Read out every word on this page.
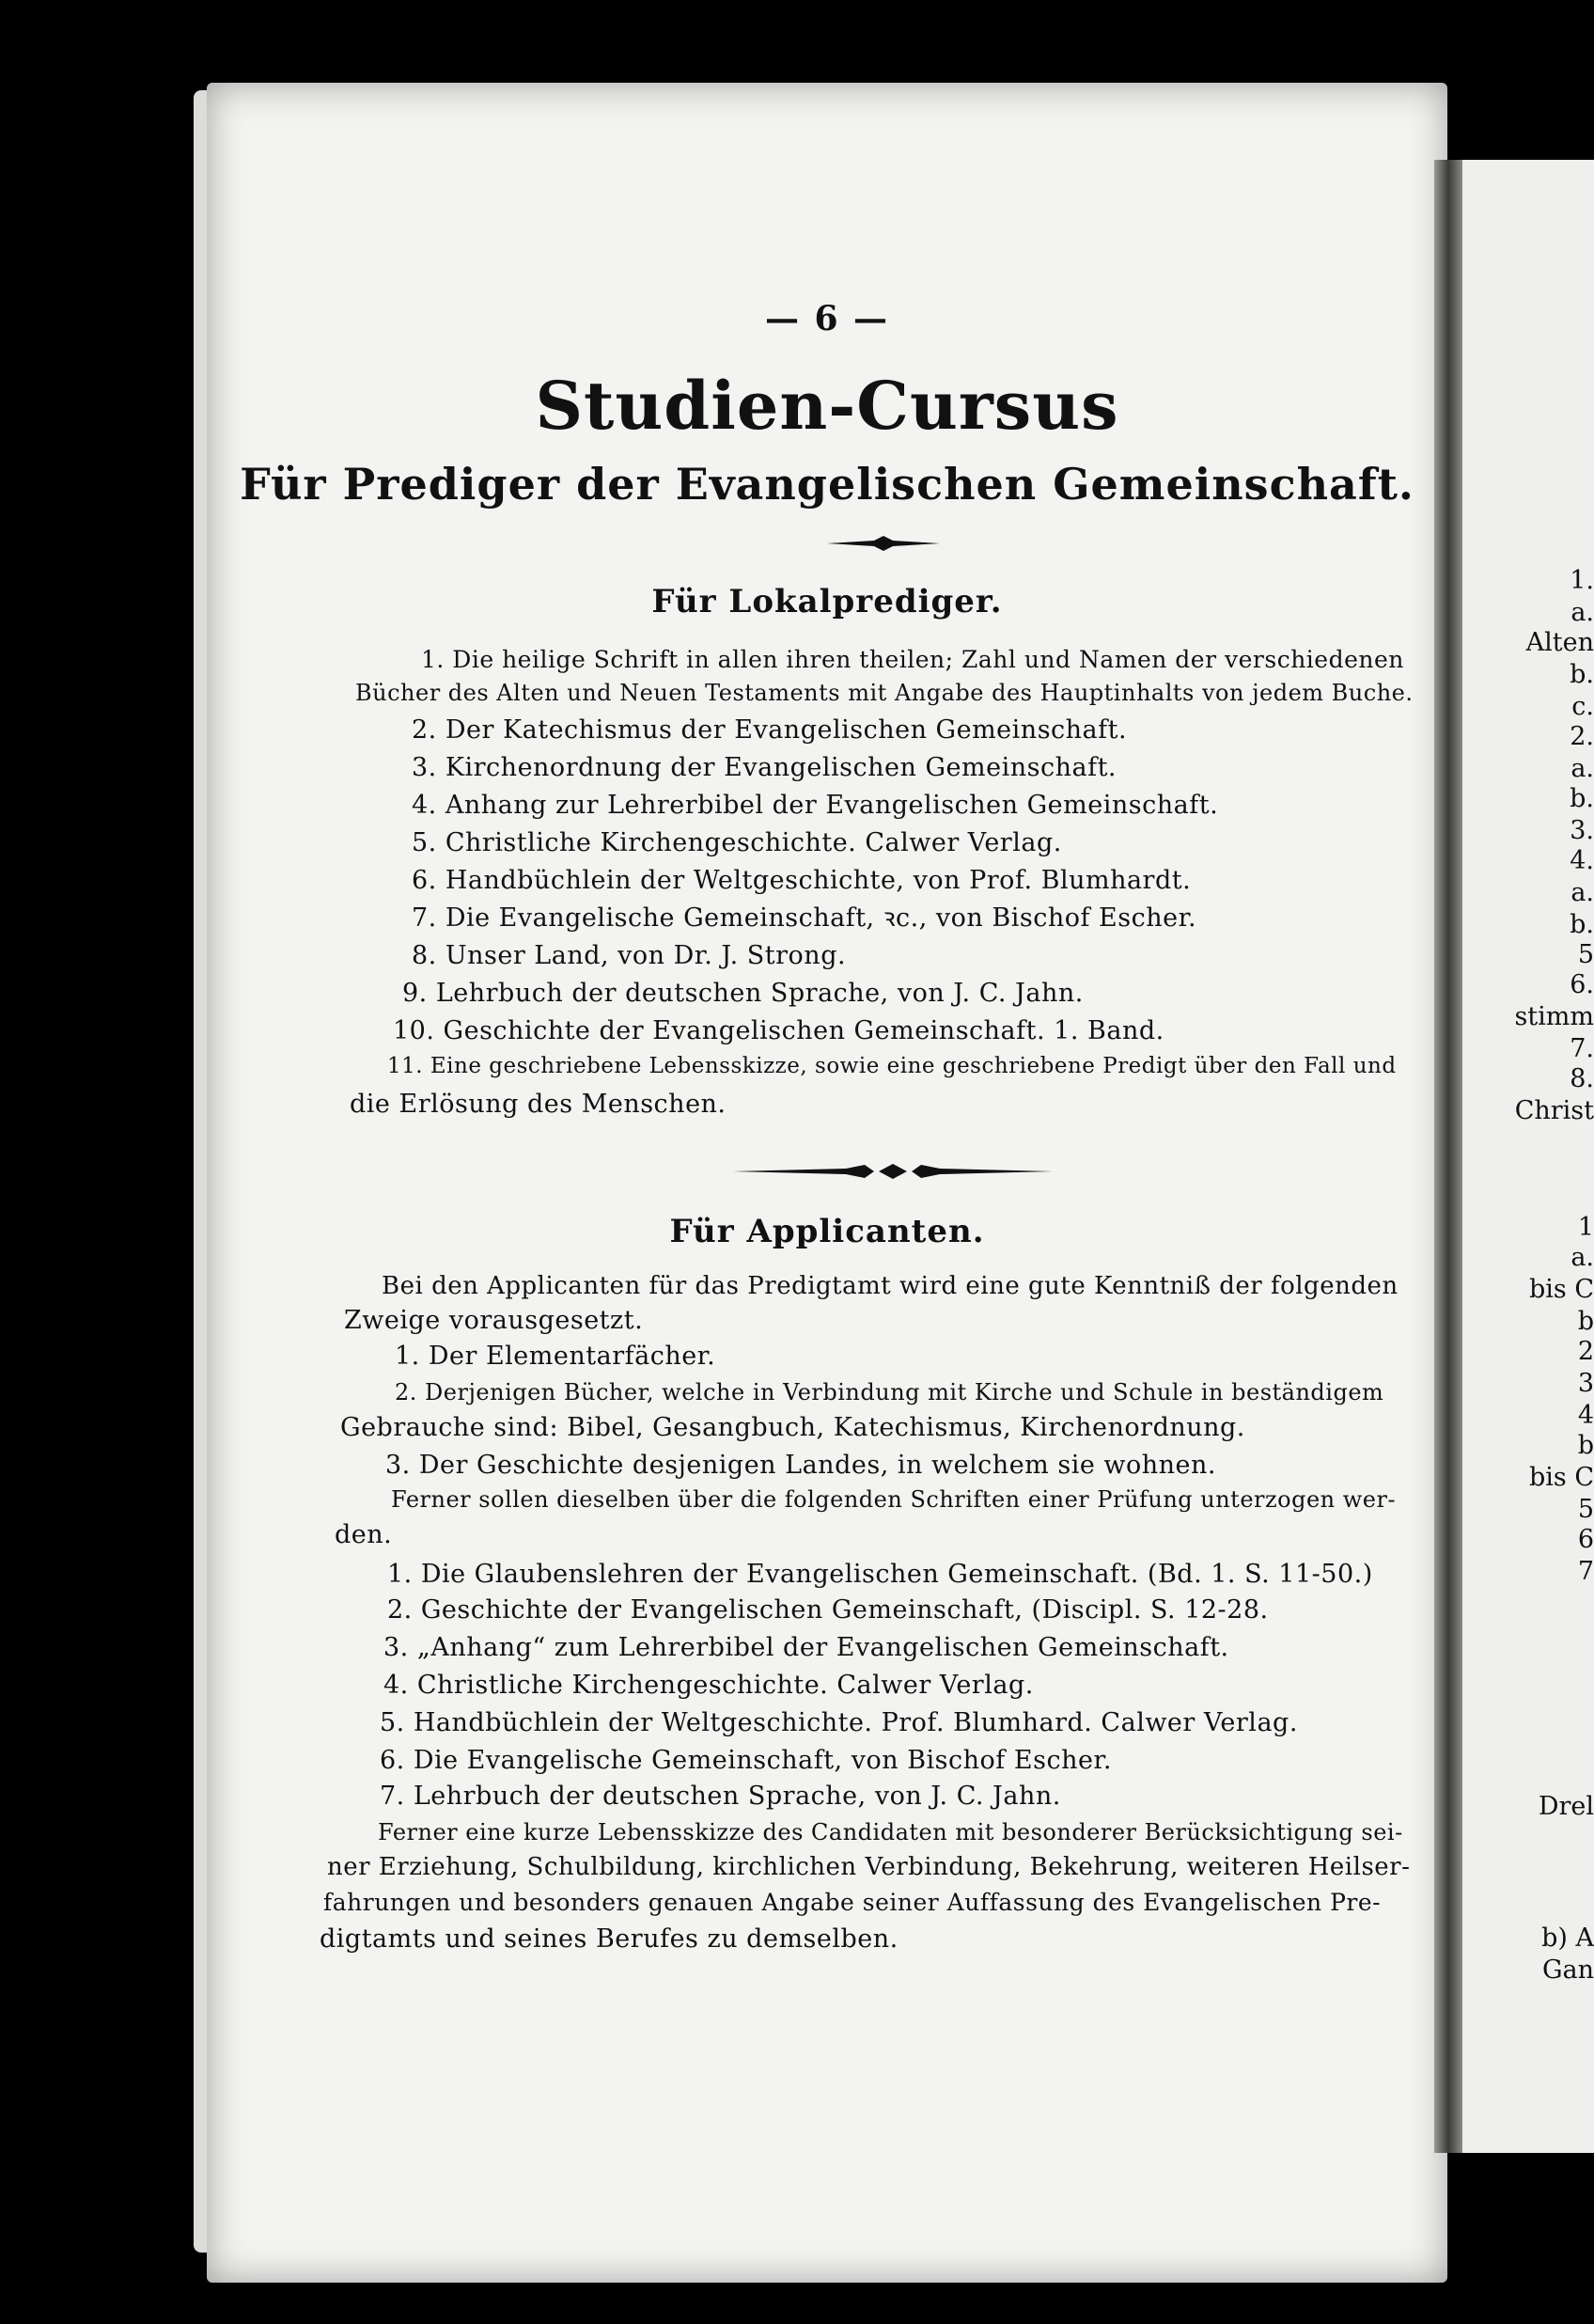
1.
a.
Alten
b.
c.
2.
a.
b.
3.
4.
a.
b.
5
6.
stimm
7.
8.
Christ
1
a.
bis C
b
2
3
4
b
bis C
5
6
7
Drel
b) A
Gan
— 6 —
Studien-Cursus
Für Prediger der Evangelischen Gemeinschaft.
Für Lokalprediger.
1. Die heilige Schrift in allen ihren theilen; Zahl und Namen der verschiedenen
Bücher des Alten und Neuen Testaments mit Angabe des Hauptinhalts von jedem Buche.
2. Der Katechismus der Evangelischen Gemeinschaft.
3. Kirchenordnung der Evangelischen Gemeinschaft.
4. Anhang zur Lehrerbibel der Evangelischen Gemeinschaft.
5. Christliche Kirchengeschichte. Calwer Verlag.
6. Handbüchlein der Weltgeschichte, von Prof. Blumhardt.
7. Die Evangelische Gemeinschaft, ꝛc., von Bischof Escher.
8. Unser Land, von Dr. J. Strong.
9. Lehrbuch der deutschen Sprache, von J. C. Jahn.
10. Geschichte der Evangelischen Gemeinschaft. 1. Band.
11. Eine geschriebene Lebensskizze, sowie eine geschriebene Predigt über den Fall und
die Erlösung des Menschen.
Für Applicanten.
Bei den Applicanten für das Predigtamt wird eine gute Kenntniß der folgenden
Zweige vorausgesetzt.
1. Der Elementarfächer.
2. Derjenigen Bücher, welche in Verbindung mit Kirche und Schule in beständigem
Gebrauche sind: Bibel, Gesangbuch, Katechismus, Kirchenordnung.
3. Der Geschichte desjenigen Landes, in welchem sie wohnen.
Ferner sollen dieselben über die folgenden Schriften einer Prüfung unterzogen wer-
den.
1. Die Glaubenslehren der Evangelischen Gemeinschaft. (Bd. 1. S. 11-50.)
2. Geschichte der Evangelischen Gemeinschaft, (Discipl. S. 12-28.
3. „Anhang“ zum Lehrerbibel der Evangelischen Gemeinschaft.
4. Christliche Kirchengeschichte. Calwer Verlag.
5. Handbüchlein der Weltgeschichte. Prof. Blumhard. Calwer Verlag.
6. Die Evangelische Gemeinschaft, von Bischof Escher.
7. Lehrbuch der deutschen Sprache, von J. C. Jahn.
Ferner eine kurze Lebensskizze des Candidaten mit besonderer Berücksichtigung sei-
ner Erziehung, Schulbildung, kirchlichen Verbindung, Bekehrung, weiteren Heilser-
fahrungen und besonders genauen Angabe seiner Auffassung des Evangelischen Pre-
digtamts und seines Berufes zu demselben.
